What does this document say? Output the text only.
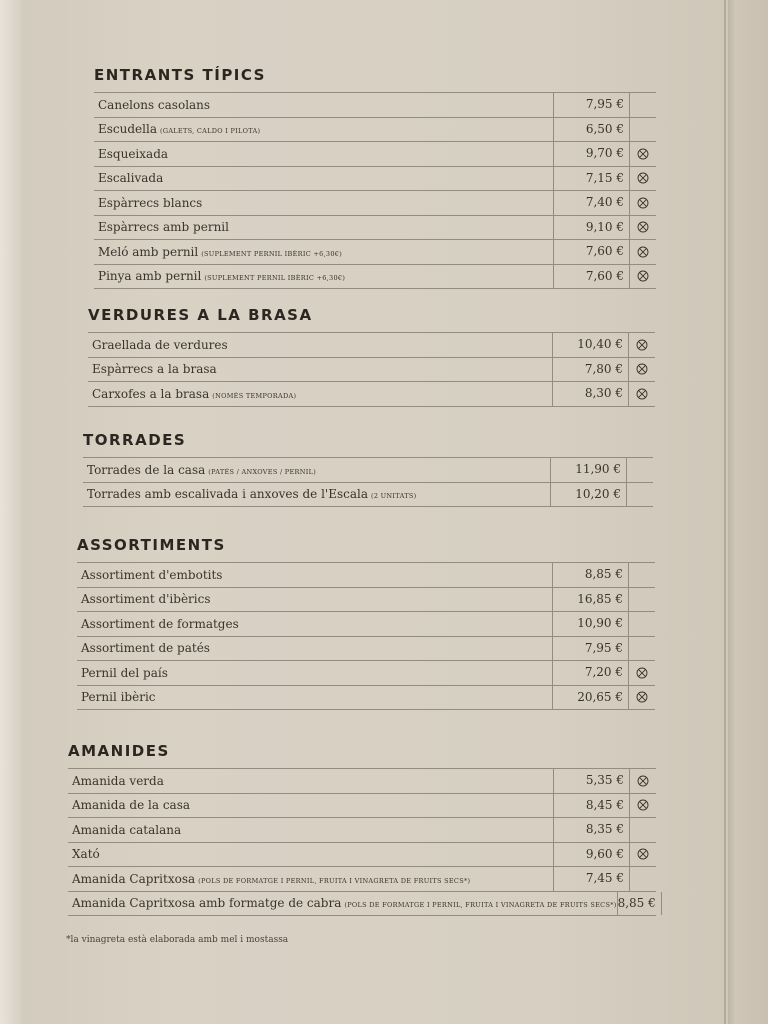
ENTRANTS TÍPICS
Canelons casolans	7,95 €
Escudella (GALETS, CALDO I PILOTA)	6,50 €
Esqueixada	9,70 €
Escalivada	7,15 €
Espàrrecs blancs	7,40 €
Espàrrecs amb pernil	9,10 €
Meló amb pernil (SUPLEMENT PERNIL IBÈRIC +6,30€)	7,60 €
Pinya amb pernil (SUPLEMENT PERNIL IBÈRIC +6,30€)	7,60 €
VERDURES A LA BRASA
Graellada de verdures	10,40 €
Espàrrecs a la brasa	7,80 €
Carxofes a la brasa (NOMÉS TEMPORADA)	8,30 €
TORRADES
Torrades de la casa (PATÉS / ANXOVES / PERNIL)	11,90 €
Torrades amb escalivada i anxoves de l'Escala (2 UNITATS)	10,20 €
ASSORTIMENTS
Assortiment d'embotits	8,85 €
Assortiment d'ibèrics	16,85 €
Assortiment de formatges	10,90 €
Assortiment de patés	7,95 €
Pernil del país	7,20 €
Pernil ibèric	20,65 €
AMANIDES
Amanida verda	5,35 €
Amanida de la casa	8,45 €
Amanida catalana	8,35 €
Xató	9,60 €
Amanida Capritxosa (POLS DE FORMATGE I PERNIL, FRUITA I VINAGRETA DE FRUITS SECS*)	7,45 €
Amanida Capritxosa amb formatge de cabra (POLS DE FORMATGE I PERNIL, FRUITA I VINAGRETA DE FRUITS SECS*) 8,85 €
*la vinagreta està elaborada amb mel i mostassa
